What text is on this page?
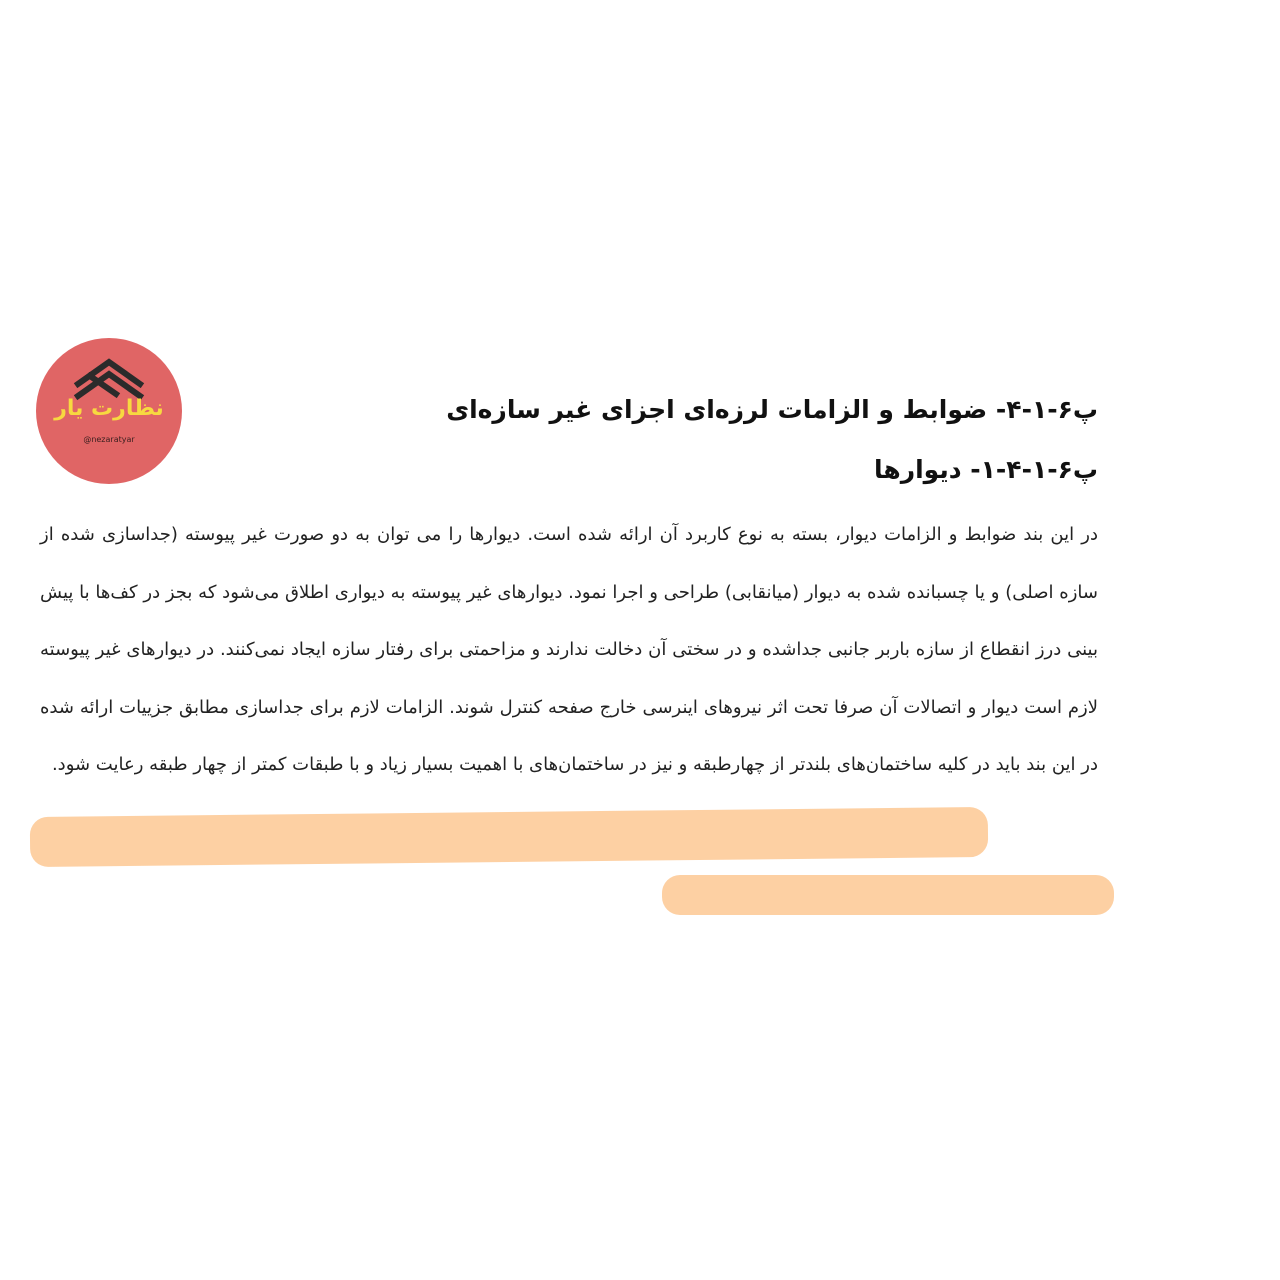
نظارت یار
@nezaratyar
پ۶-۱-۴- ضوابط و الزامات لرزه‌ای اجزای غیر سازه‌ای
پ۶-۱-۴-۱- دیوارها

در این بند ضوابط و الزامات دیوار، بسته به نوع کاربرد آن ارائه شده است. دیوارها را می توان به دو صورت غیر پیوسته (جداسازی شده از سازه اصلی) و یا چسبانده شده به دیوار (میانقابی) طراحی و اجرا نمود. دیوارهای غیر پیوسته به دیواری اطلاق می‌شود که بجز در کف‌ها با پیش بینی درز انقطاع از سازه باربر جانبی جداشده و در سختی آن دخالت ندارند و مزاحمتی برای رفتار سازه ایجاد نمی‌کنند. در دیوارهای غیر پیوسته لازم است دیوار و اتصالات آن صرفا تحت اثر نیروهای اینرسی خارج صفحه کنترل شوند. الزامات لازم برای جداسازی مطابق جزییات ارائه شده در این بند باید در کلیه ساختمان‌های بلندتر از چهارطبقه و نیز در ساختمان‌های با اهمیت بسیار زیاد و با طبقات کمتر از چهار طبقه رعایت شود.
